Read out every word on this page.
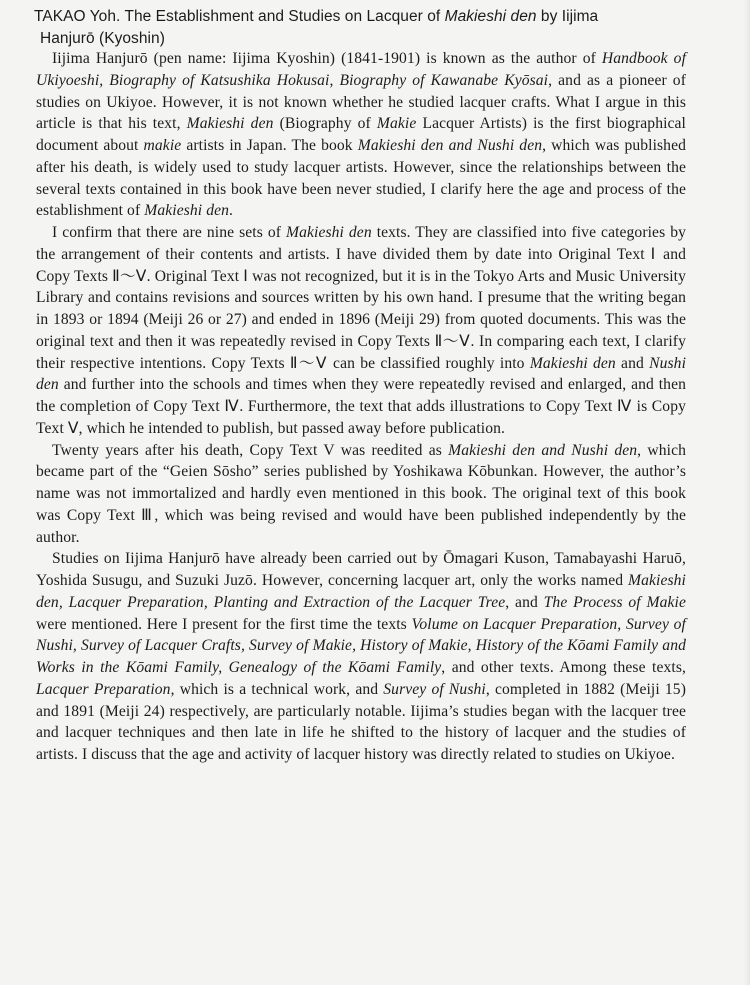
TAKAO Yoh. The Establishment and Studies on Lacquer of Makieshi den by Iijima
Hanjurō (Kyoshin)

Iijima Hanjurō (pen name: Iijima Kyoshin) (1841-1901) is known as the author of Handbook of Ukiyoeshi, Biography of Katsushika Hokusai, Biography of Kawanabe Kyōsai, and as a pioneer of studies on Ukiyoe. However, it is not known whether he studied lacquer crafts. What I argue in this article is that his text, Makieshi den (Biography of Makie Lacquer Artists) is the first biographical document about makie artists in Japan. The book Makieshi den and Nushi den, which was published after his death, is widely used to study lacquer artists. However, since the relationships between the several texts contained in this book have been never studied, I clarify here the age and process of the establishment of Makieshi den.

I confirm that there are nine sets of Makieshi den texts. They are classified into five categories by the arrangement of their contents and artists. I have divided them by date into Original Text Ⅰ and Copy Texts Ⅱ～Ⅴ. Original Text Ⅰ was not recognized, but it is in the Tokyo Arts and Music University Library and contains revisions and sources written by his own hand. I presume that the writing began in 1893 or 1894 (Meiji 26 or 27) and ended in 1896 (Meiji 29) from quoted documents. This was the original text and then it was repeatedly revised in Copy Texts Ⅱ～Ⅴ. In comparing each text, I clarify their respective intentions. Copy Texts Ⅱ～Ⅴ can be classified roughly into Makieshi den and Nushi den and further into the schools and times when they were repeatedly revised and enlarged, and then the completion of Copy Text Ⅳ. Furthermore, the text that adds illustrations to Copy Text Ⅳ is Copy Text Ⅴ, which he intended to publish, but passed away before publication.

Twenty years after his death, Copy Text V was reedited as Makieshi den and Nushi den, which became part of the “Geien Sōsho” series published by Yoshikawa Kōbunkan. However, the author’s name was not immortalized and hardly even mentioned in this book. The original text of this book was Copy Text Ⅲ, which was being revised and would have been published independently by the author.

Studies on Iijima Hanjurō have already been carried out by Ōmagari Kuson, Tamabayashi Haruō, Yoshida Susugu, and Suzuki Juzō. However, concerning lacquer art, only the works named Makieshi den, Lacquer Preparation, Planting and Extraction of the Lacquer Tree, and The Process of Makie were mentioned. Here I present for the first time the texts Volume on Lacquer Preparation, Survey of Nushi, Survey of Lacquer Crafts, Survey of Makie, History of Makie, History of the Kōami Family and Works in the Kōami Family, Genealogy of the Kōami Family, and other texts. Among these texts, Lacquer Preparation, which is a technical work, and Survey of Nushi, completed in 1882 (Meiji 15) and 1891 (Meiji 24) respectively, are particularly notable. Iijima’s studies began with the lacquer tree and lacquer techniques and then late in life he shifted to the history of lacquer and the studies of artists. I discuss that the age and activity of lacquer history was directly related to studies on Ukiyoe.
